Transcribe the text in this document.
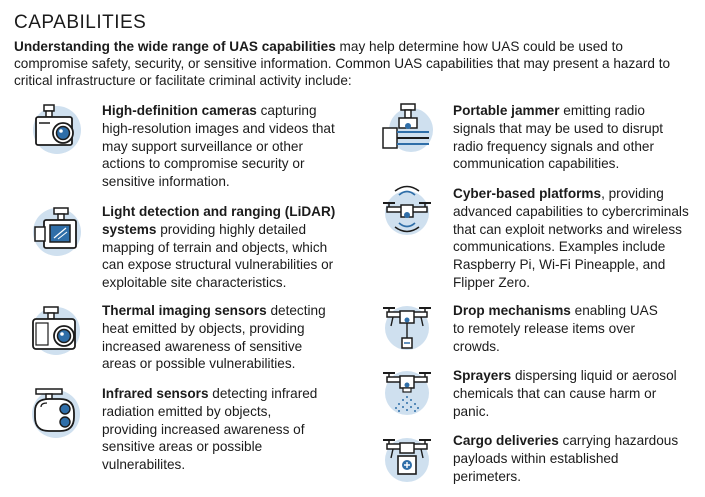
CAPABILITIES

Understanding the wide range of UAS capabilities may help determine how UAS could be used to compromise safety, security, or sensitive information. Common UAS capabilities that may present a hazard to critical infrastructure or facilitate criminal activity include:

High-definition cameras capturing high-resolution images and videos that may support surveillance or other actions to compromise security or sensitive information.

Light detection and ranging (LiDAR) systems providing highly detailed mapping of terrain and objects, which can expose structural vulnerabilities or exploitable site characteristics.

Thermal imaging sensors detecting heat emitted by objects, providing increased awareness of sensitive areas or possible vulnerabilities.

Infrared sensors detecting infrared radiation emitted by objects, providing increased awareness of sensitive areas or possible vulnerabilites.

Portable jammer emitting radio signals that may be used to disrupt radio frequency signals and other communication capabilities.

Cyber-based platforms, providing advanced capabilities to cybercriminals that can exploit networks and wireless communications. Examples include Raspberry Pi, Wi-Fi Pineapple, and Flipper Zero.

Drop mechanisms enabling UAS to remotely release items over crowds.

Sprayers dispersing liquid or aerosol chemicals that can cause harm or panic.

Cargo deliveries carrying hazardous payloads within established perimeters.
